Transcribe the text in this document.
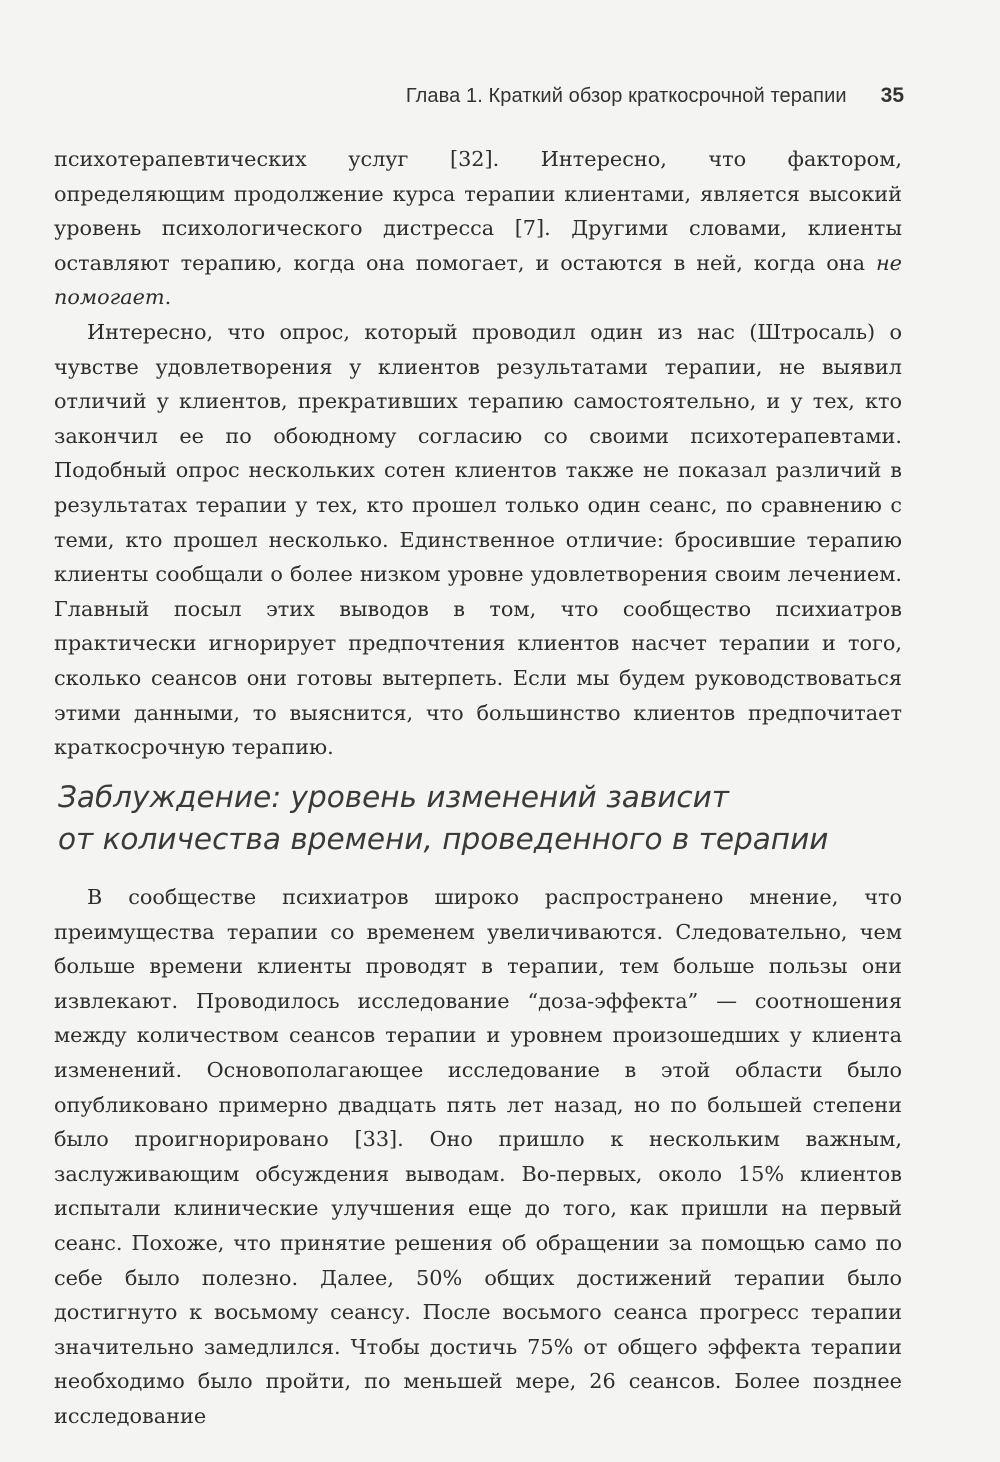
Глава 1. Краткий обзор краткосрочной терапии 35

психотерапевтических услуг [32]. Интересно, что фактором, определяющим продолжение курса терапии клиентами, является высокий уровень психологического дистресса [7]. Другими словами, клиенты оставляют терапию, когда она помогает, и остаются в ней, когда она не помогает.

Интересно, что опрос, который проводил один из нас (Штросаль) о чувстве удовлетворения у клиентов результатами терапии, не выявил отличий у клиентов, прекративших терапию самостоятельно, и у тех, кто закончил ее по обоюдному согласию со своими психотерапевтами. Подобный опрос нескольких сотен клиентов также не показал различий в результатах терапии у тех, кто прошел только один сеанс, по сравнению с теми, кто прошел несколько. Единственное отличие: бросившие терапию клиенты сообщали о более низком уровне удовлетворения своим лечением. Главный посыл этих выводов в том, что сообщество психиатров практически игнорирует предпочтения клиентов насчет терапии и того, сколько сеансов они готовы вытерпеть. Если мы будем руководствоваться этими данными, то выяснится, что большинство клиентов предпочитает краткосрочную терапию.

Заблуждение: уровень изменений зависит
от количества времени, проведенного в терапии

В сообществе психиатров широко распространено мнение, что преимущества терапии со временем увеличиваются. Следовательно, чем больше времени клиенты проводят в терапии, тем больше пользы они извлекают. Проводилось исследование “доза-эффекта” — соотношения между количеством сеансов терапии и уровнем произошедших у клиента изменений. Основополагающее исследование в этой области было опубликовано примерно двадцать пять лет назад, но по большей степени было проигнорировано [33]. Оно пришло к нескольким важным, заслуживающим обсуждения выводам. Во-первых, около 15% клиентов испытали клинические улучшения еще до того, как пришли на первый сеанс. Похоже, что принятие решения об обращении за помощью само по себе было полезно. Далее, 50% общих достижений терапии было достигнуто к восьмому сеансу. После восьмого сеанса прогресс терапии значительно замедлился. Чтобы достичь 75% от общего эффекта терапии необходимо было пройти, по меньшей мере, 26 сеансов. Более позднее исследование
